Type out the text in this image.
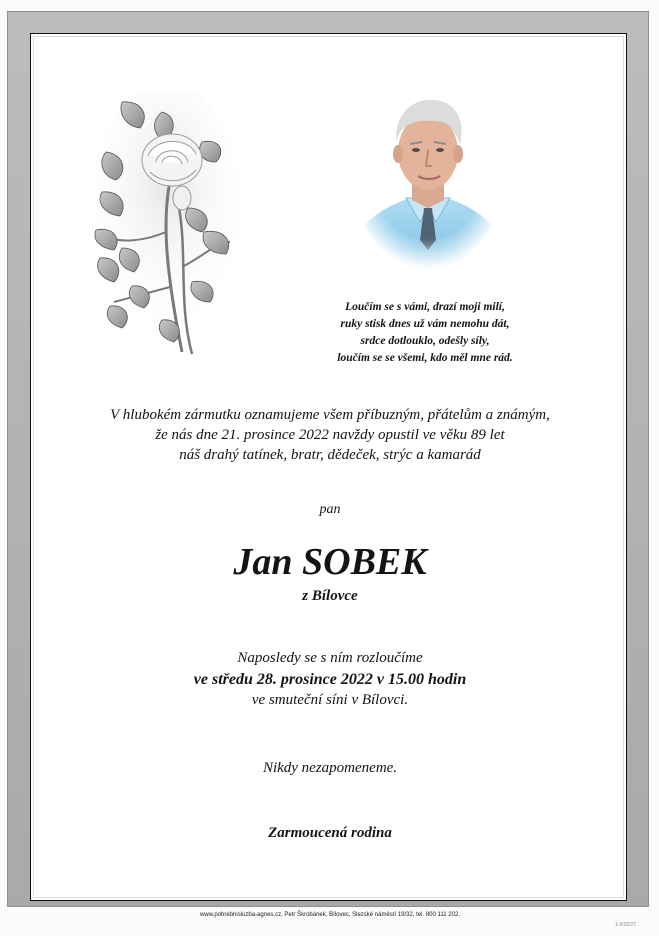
Loučím se s vámi, drazí moji milí,
ruky stisk dnes už vám nemohu dát,
srdce dotlouklo, odešly síly,
loučím se se všemi, kdo měl mne rád.
V hlubokém zármutku oznamujeme všem příbuzným, přátelům a známým,
že nás dne 21. prosince 2022 navždy opustil ve věku 89 let
náš drahý tatínek, bratr, dědeček, strýc a kamarád
pan
Jan SOBEK
z Bílovce
Naposledy se s ním rozloučíme
ve středu 28. prosince 2022 v 15.00 hodin
ve smuteční síni v Bílovci.
Nikdy nezapomeneme.
Zarmoucená rodina
www.pohrebnisluzba-agnes.cz, Petr Škrobánek, Bílovec, Slezské náměstí 19/32, tel. 800 111 202.
1-0/22/27
